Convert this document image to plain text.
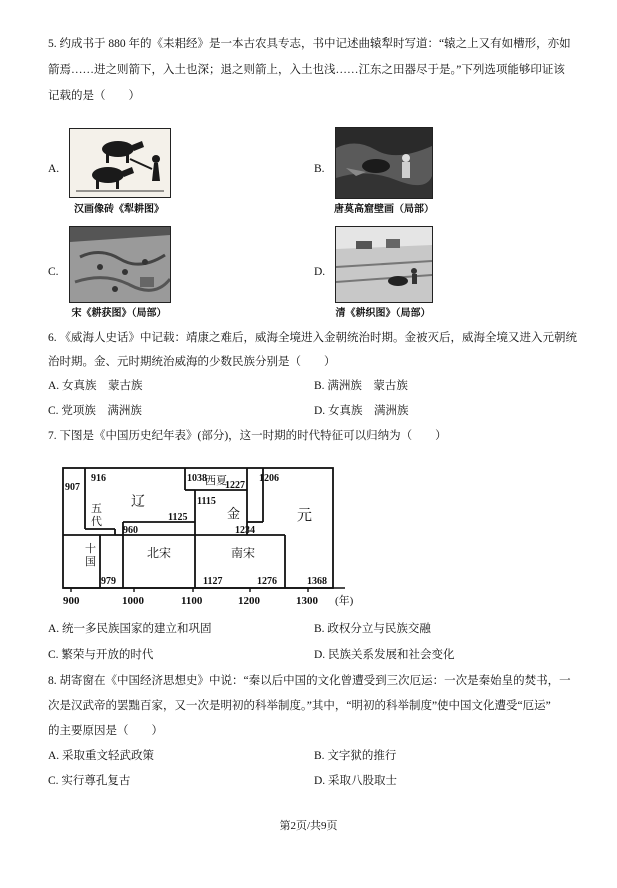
5. 约成书于 880 年的《耒耜经》是一本古农具专志，书中记述曲辕犁时写道：“辕之上又有如槽形，亦如
箭焉……进之则箭下，入土也深；退之则箭上，入土也浅……江东之田器尽于是。”下列选项能够印证该
记载的是（　　）
A.
汉画像砖《犁耕图》
B.
唐莫高窟壁画（局部）
C.
宋《耕获图》（局部）
D.
清《耕织图》（局部）
6. 《威海人史话》中记载：靖康之难后，威海全境进入金朝统治时期。金被灭后，威海全境又进入元朝统
治时期。金、元时期统治威海的少数民族分别是（　　）
A. 女真族　蒙古族	B. 满洲族　蒙古族
C. 党项族　满洲族	D. 女真族　满洲族
7. 下图是《中国历史纪年表》(部分)，这一时期的时代特征可以归纳为（　　）
907
916	1038
1227
1206
1115
1125
960	1234
979	1127	1276	1368
五
代
辽
西夏
金	元
十
国
北宋	南宋
900	1000	1100	1200	1300 (年)
A. 统一多民族国家的建立和巩固	B. 政权分立与民族交融
C. 繁荣与开放的时代	D. 民族关系发展和社会变化
8. 胡寄窗在《中国经济思想史》中说：“秦以后中国的文化曾遭受到三次厄运：一次是秦始皇的焚书，一
次是汉武帝的罢黜百家，又一次是明初的科举制度。”其中，“明初的科举制度”使中国文化遭受“厄运”
的主要原因是（　　）
A. 采取重文轻武政策	B. 文字狱的推行
C. 实行尊孔复古	D. 采取八股取士
第2页/共9页
